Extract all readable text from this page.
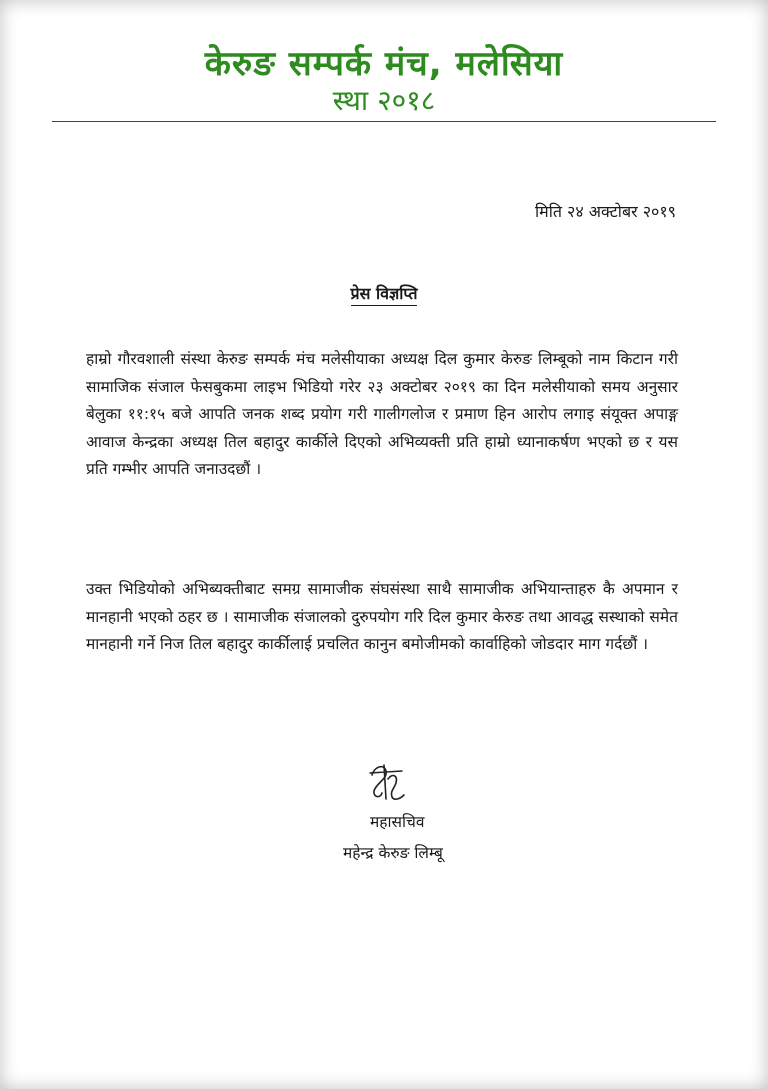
केरुङ सम्पर्क मंच, मलेसिया
स्था २०१८
मिति २४ अक्टोबर २०१९
प्रेस विज्ञप्ति

हाम्रो गौरवशाली संस्था केरुङ सम्पर्क मंच मलेसीयाका अध्यक्ष दिल कुमार केरुङ लिम्बूको नाम किटान गरी सामाजिक संजाल फेसबुकमा लाइभ भिडियो गरेर २३ अक्टोबर २०१९ का दिन मलेसीयाको समय अनुसार बेलुका ११:१५ बजे आपति जनक शब्द प्रयोग गरी गालीगलोज र प्रमाण हिन आरोप लगाइ संयूक्त अपाङ्ग आवाज केन्द्रका अध्यक्ष तिल बहादुर कार्कीले दिएको अभिव्यक्ती प्रति हाम्रो ध्यानाकर्षण भएको छ र यस प्रति गम्भीर आपति जनाउदछौं ।

उक्त भिडियोको अभिब्यक्तीबाट समग्र सामाजीक संघसंस्था साथै सामाजीक अभियान्ताहरु कै अपमान र मानहानी भएको ठहर छ । सामाजीक संजालको दुरुपयोग गरि दिल कुमार केरुङ तथा आवद्ध सस्थाको समेत मानहानी गर्ने निज तिल बहादुर कार्कीलाई प्रचलित कानुन बमोजीमको कार्वाहिको जोडदार माग गर्दछौं ।

महासचिव
महेन्द्र केरुङ लिम्बू
